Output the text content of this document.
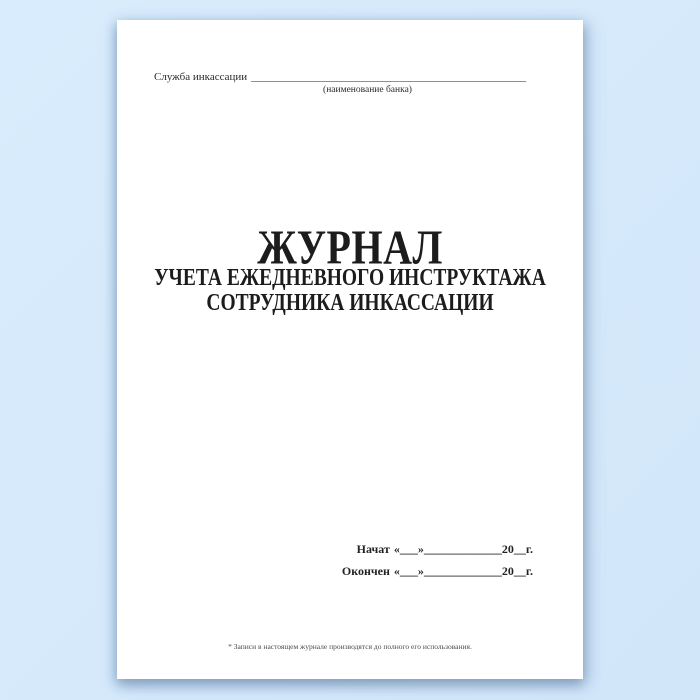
Служба инкассации __________________________________________________
(наименование банка)
ЖУРНАЛ
УЧЕТА ЕЖЕДНЕВНОГО ИНСТРУКТАЖА
СОТРУДНИКА ИНКАССАЦИИ
Начат «___»_____________20__г.
Окончен «___»_____________20__г.
* Записи в настоящем журнале производятся до полного его использования.
